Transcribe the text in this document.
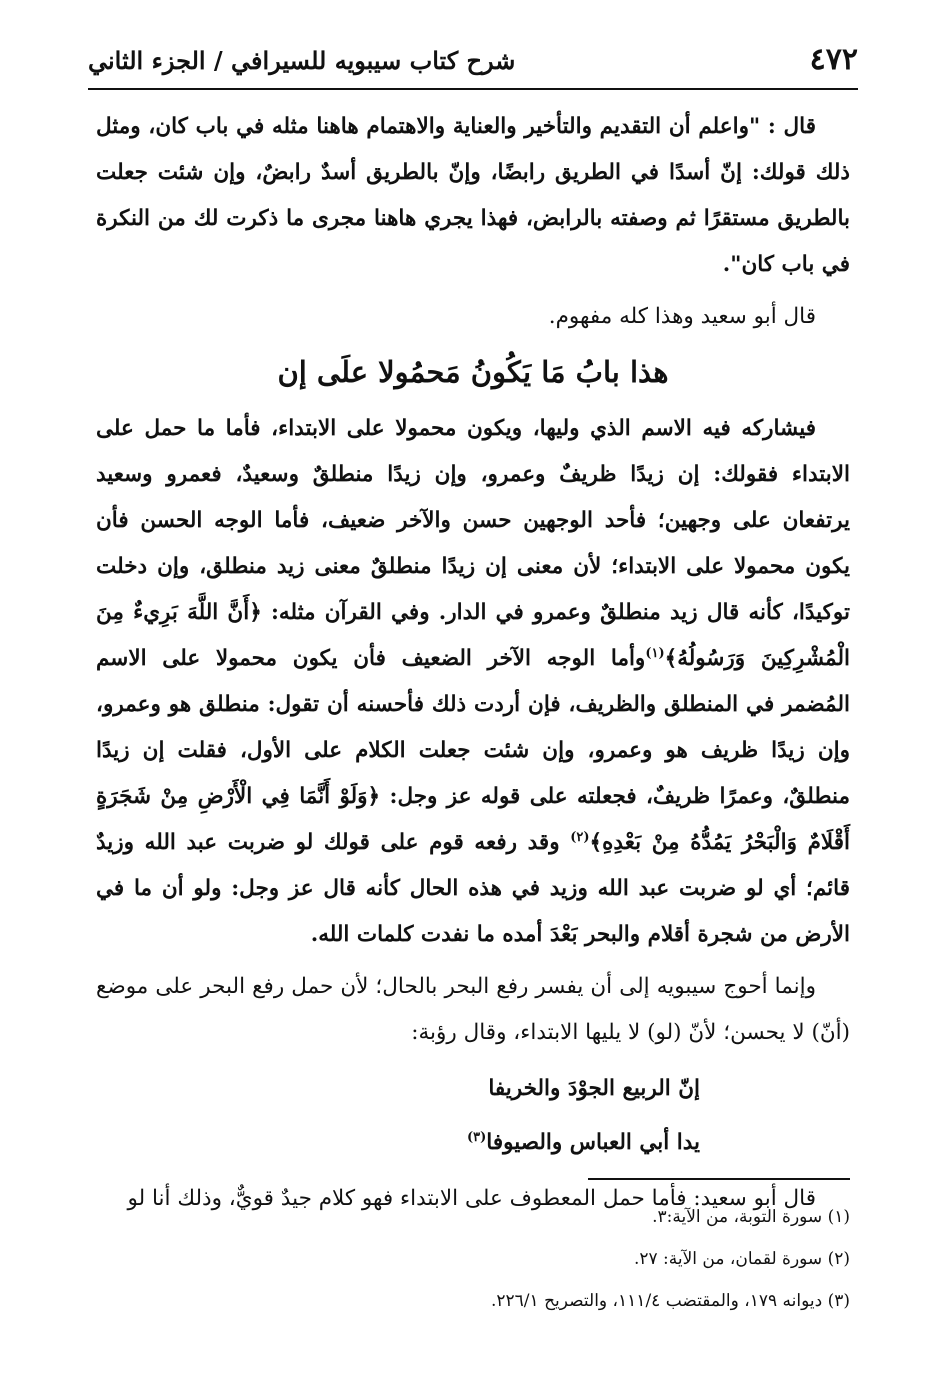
٤٧٢
شرح كتاب سيبويه للسيرافي / الجزء الثاني

قال : "واعلم أن التقديم والتأخير والعناية والاهتمام هاهنا مثله في باب كان، ومثل ذلك قولك: إنّ أسدًا في الطريق رابضًا، وإنّ بالطريق أسدٌ رابضٌ، وإن شئت جعلت بالطريق مستقرًا ثم وصفته بالرابض، فهذا يجري هاهنا مجرى ما ذكرت لك من النكرة في باب كان".

قال أبو سعيد وهذا كله مفهوم.

هذا بابُ مَا يَكُونُ مَحمُولا علَى إن

فيشاركه فيه الاسم الذي وليها، ويكون محمولا على الابتداء، فأما ما حمل على الابتداء فقولك: إن زيدًا ظريفٌ وعمرو، وإن زيدًا منطلقٌ وسعيدٌ، فعمرو وسعيد يرتفعان على وجهين؛ فأحد الوجهين حسن والآخر ضعيف، فأما الوجه الحسن فأن يكون محمولا على الابتداء؛ لأن معنى إن زيدًا منطلقٌ معنى زيد منطلق، وإن دخلت توكيدًا، كأنه قال زيد منطلقٌ وعمرو في الدار. وفي القرآن مثله: ﴿أَنَّ اللَّهَ بَرِيءٌ مِنَ الْمُشْرِكِينَ وَرَسُولُهُ﴾$^{(١)}$وأما الوجه الآخر الضعيف فأن يكون محمولا على الاسم المُضمر في المنطلق والظريف، فإن أردت ذلك فأحسنه أن تقول: منطلق هو وعمرو، وإن زيدًا ظريف هو وعمرو، وإن شئت جعلت الكلام على الأول، فقلت إن زيدًا منطلقٌ، وعمرًا ظريفٌ، فجعلته على قوله عز وجل: ﴿وَلَوْ أَنَّمَا فِي الْأَرْضِ مِنْ شَجَرَةٍ أَقْلَامٌ وَالْبَحْرُ يَمُدُّهُ مِنْ بَعْدِهِ﴾$^{(٢)}$ وقد رفعه قوم على قولك لو ضربت عبد الله وزيدٌ قائم؛ أي لو ضربت عبد الله وزيد في هذه الحال كأنه قال عز وجل: ولو أن ما في الأرض من شجرة أقلام والبحر بَعْدَ أمده ما نفدت كلمات الله.

وإنما أحوج سيبويه إلى أن يفسر رفع البحر بالحال؛ لأن حمل رفع البحر على موضع (أنّ) لا يحسن؛ لأنّ (لو) لا يليها الابتداء، وقال رؤبة:

إنّ الربيع الجوْدَ والخريفا

يدا أبي العباس والصيوفا$^{(٣)}$

قال أبو سعيد: فأما حمل المعطوف على الابتداء فهو كلام جيدٌ قويٌّ، وذلك أنا لو

(١) سورة التوبة، من الآية:٣.

(٢) سورة لقمان، من الآية: ٢٧.

(٣) ديوانه ١٧٩، والمقتضب ١١١/٤، والتصريح ٢٢٦/١.
